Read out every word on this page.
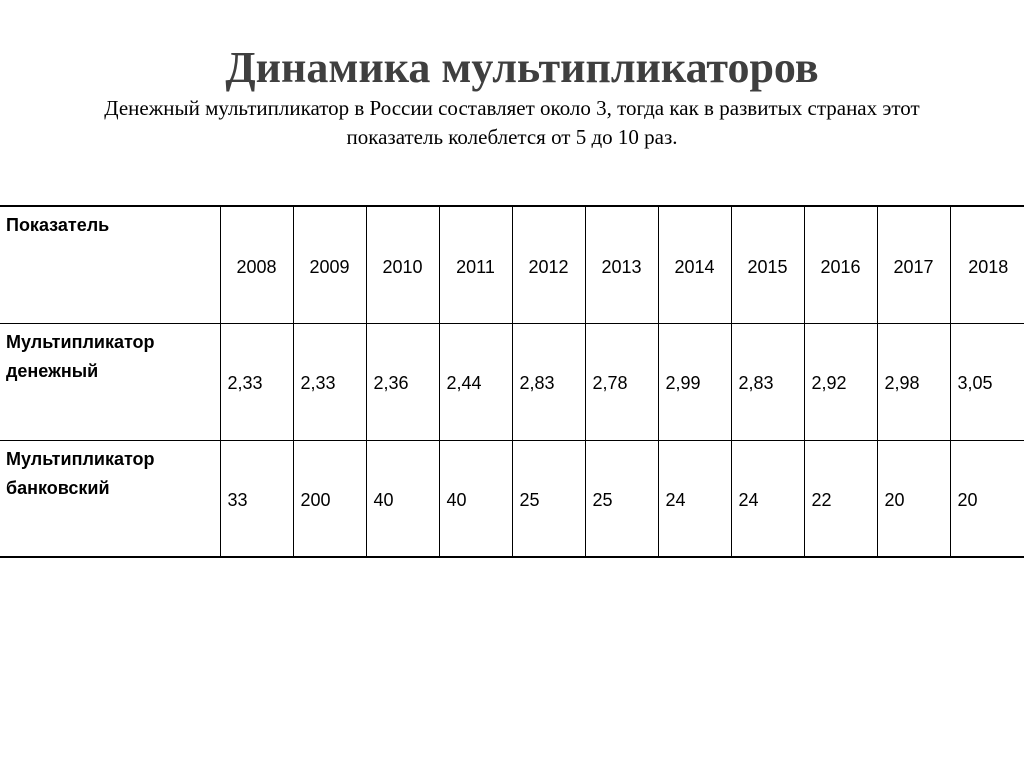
Динамика мультипликаторов
Денежный мультипликатор в России составляет около 3, тогда как в развитых странах этот
показатель колеблется от 5 до 10 раз.
Показатель	2008	2009	2010	2011	2012	2013	2014	2015	2016	2017	2018

Мультипликатор денежный	2,33	2,33	2,36	2,44	2,83	2,78	2,99	2,83	2,92	2,98	3,05

Мультипликатор банковский	33	200	40	40	25	25	24	24	22	20	20
